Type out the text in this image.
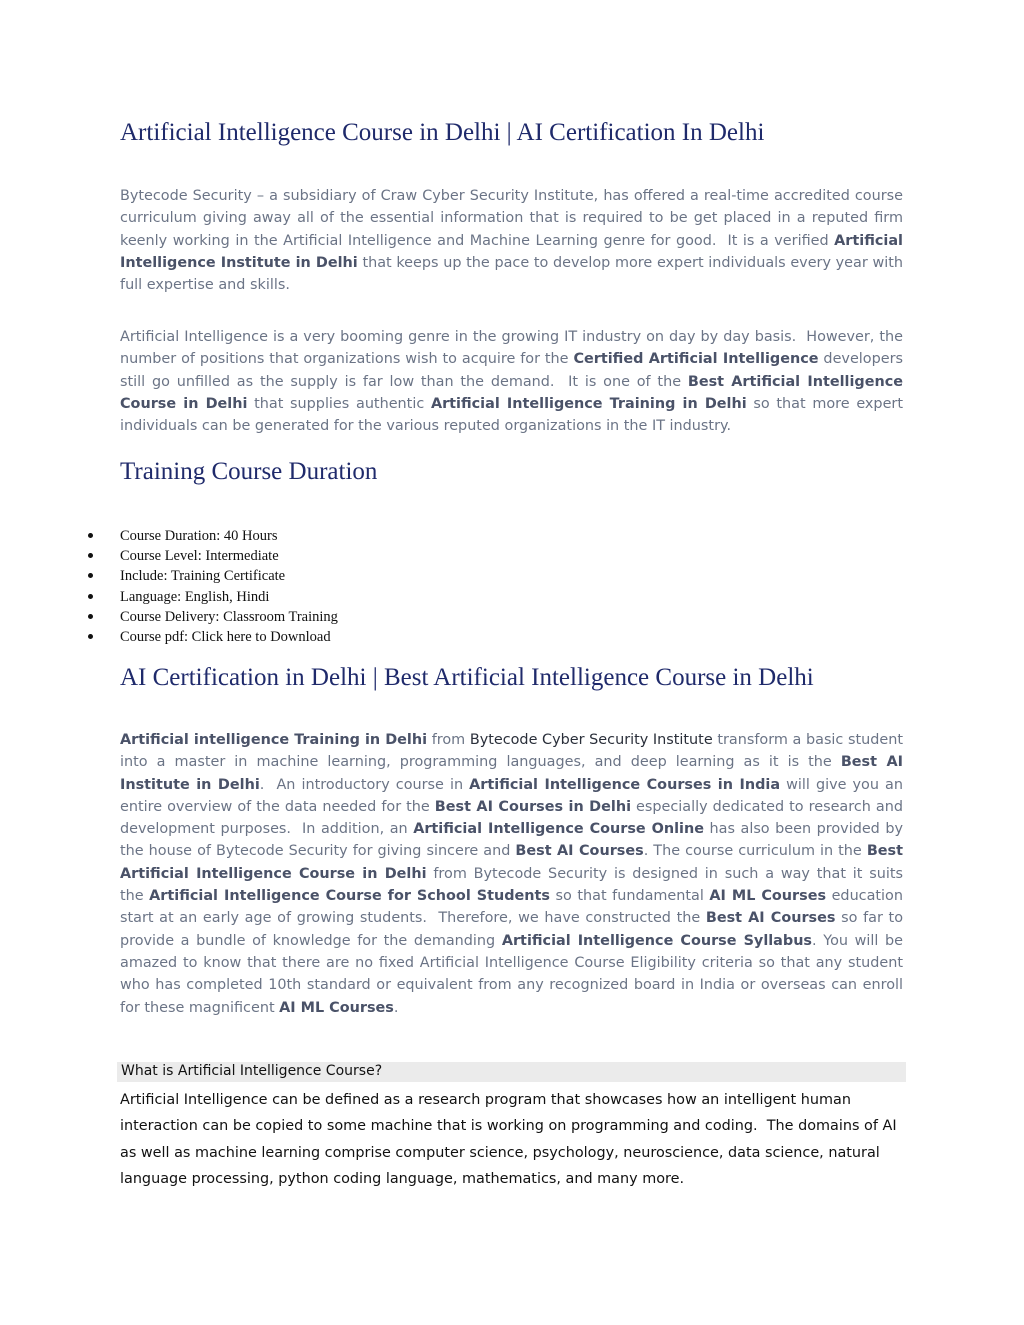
Artificial Intelligence Course in Delhi | AI Certification In Delhi

Bytecode Security – a subsidiary of Craw Cyber Security Institute, has offered a real-time accredited course curriculum giving away all of the essential information that is required to be get placed in a reputed firm keenly working in the Artificial Intelligence and Machine Learning genre for good.  It is a verified Artificial Intelligence Institute in Delhi that keeps up the pace to develop more expert individuals every year with full expertise and skills.

Artificial Intelligence is a very booming genre in the growing IT industry on day by day basis.  However, the number of positions that organizations wish to acquire for the Certified Artificial Intelligence developers still go unfilled as the supply is far low than the demand.  It is one of the Best Artificial Intelligence Course in Delhi that supplies authentic Artificial Intelligence Training in Delhi so that more expert individuals can be generated for the various reputed organizations in the IT industry.

Training Course Duration
Course Duration: 40 Hours
Course Level: Intermediate
Include: Training Certificate
Language: English, Hindi
Course Delivery: Classroom Training
Course pdf: Click here to Download
AI Certification in Delhi | Best Artificial Intelligence Course in Delhi

Artificial intelligence Training in Delhi from Bytecode Cyber Security Institute transform a basic student into a master in machine learning, programming languages, and deep learning as it is the Best AI Institute in Delhi.  An introductory course in Artificial Intelligence Courses in India will give you an entire overview of the data needed for the Best AI Courses in Delhi especially dedicated to research and development purposes.  In addition, an Artificial Intelligence Course Online has also been provided by the house of Bytecode Security for giving sincere and Best AI Courses. The course curriculum in the Best Artificial Intelligence Course in Delhi from Bytecode Security is designed in such a way that it suits the Artificial Intelligence Course for School Students so that fundamental AI ML Courses education start at an early age of growing students.  Therefore, we have constructed the Best AI Courses so far to provide a bundle of knowledge for the demanding Artificial Intelligence Course Syllabus. You will be amazed to know that there are no fixed Artificial Intelligence Course Eligibility criteria so that any student who has completed 10th standard or equivalent from any recognized board in India or overseas can enroll for these magnificent AI ML Courses.

What is Artificial Intelligence Course?

Artificial Intelligence can be defined as a research program that showcases how an intelligent human interaction can be copied to some machine that is working on programming and coding.  The domains of AI as well as machine learning comprise computer science, psychology, neuroscience, data science, natural language processing, python coding language, mathematics, and many more.
